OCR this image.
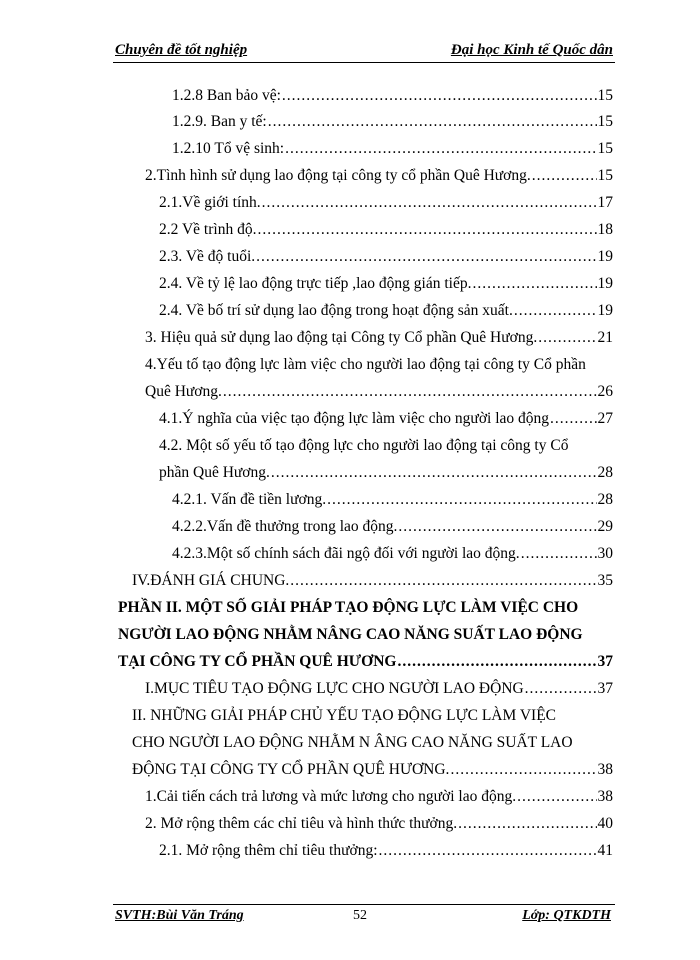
Chuyên đề tốt nghiệp	Đại học Kinh tế Quốc dân
1.2.8 Ban bảo vệ: .....	15
1.2.9. Ban y tế: .....	15
1.2.10 Tổ vệ sinh: .....	15
2.Tình hình sử dụng lao động tại công ty cổ phần Quê Hương. .....	15
2.1.Về giới tính. .....	17
2.2 Về trình độ. .....	18
2.3. Về độ tuổi. .....	19
2.4. Về tỷ lệ lao động trực tiếp ,lao động gián tiếp. .....	19
2.4. Về bố trí sử dụng lao động trong hoạt động sản xuất. .....	19
3. Hiệu quả sử dụng lao động tại Công ty Cổ phần Quê Hương. .....	21
4.Yếu tố tạo động lực làm việc cho người lao động tại công ty Cổ phần
Quê Hương. .....	26
4.1.Ý nghĩa của việc tạo động lực làm việc cho người lao động .....	27
4.2. Một số yếu tố tạo động lực cho người lao động tại công ty Cổ
phần Quê Hương. .....	28
4.2.1. Vấn đề tiền lương. .....	28
4.2.2.Vấn đề thưởng trong lao động. .....	29
4.2.3.Một số chính sách đãi ngộ đối với người lao động. .....	30
IV.ĐÁNH GIÁ CHUNG. .....	35
PHẦN II. MỘT SỐ GIẢI PHÁP TẠO ĐỘNG LỰC LÀM VIỆC CHO
NGƯỜI LAO ĐỘNG NHẰM NÂNG CAO NĂNG SUẤT LAO ĐỘNG
TẠI CÔNG TY CỔ PHẦN QUÊ HƯƠNG .....	37
I.MỤC TIÊU TẠO ĐỘNG LỰC CHO NGƯỜI LAO ĐỘNG .....	37
II. NHỮNG GIẢI PHÁP CHỦ YẾU TẠO ĐỘNG LỰC LÀM VIỆC
CHO NGƯỜI LAO ĐỘNG NHẰM N ÂNG CAO NĂNG SUẤT LAO
ĐỘNG TẠI CÔNG TY CỔ PHẦN QUÊ HƯƠNG. .....	38
1.Cải tiến cách trả lương và mức lương cho người lao động. .....	38
2. Mở rộng thêm các chỉ tiêu và hình thức thưởng. .....	40
2.1. Mở rộng thêm chỉ tiêu thưởng: .....	41
SVTH:Bùi Văn Tráng	52	Lớp: QTKDTH
